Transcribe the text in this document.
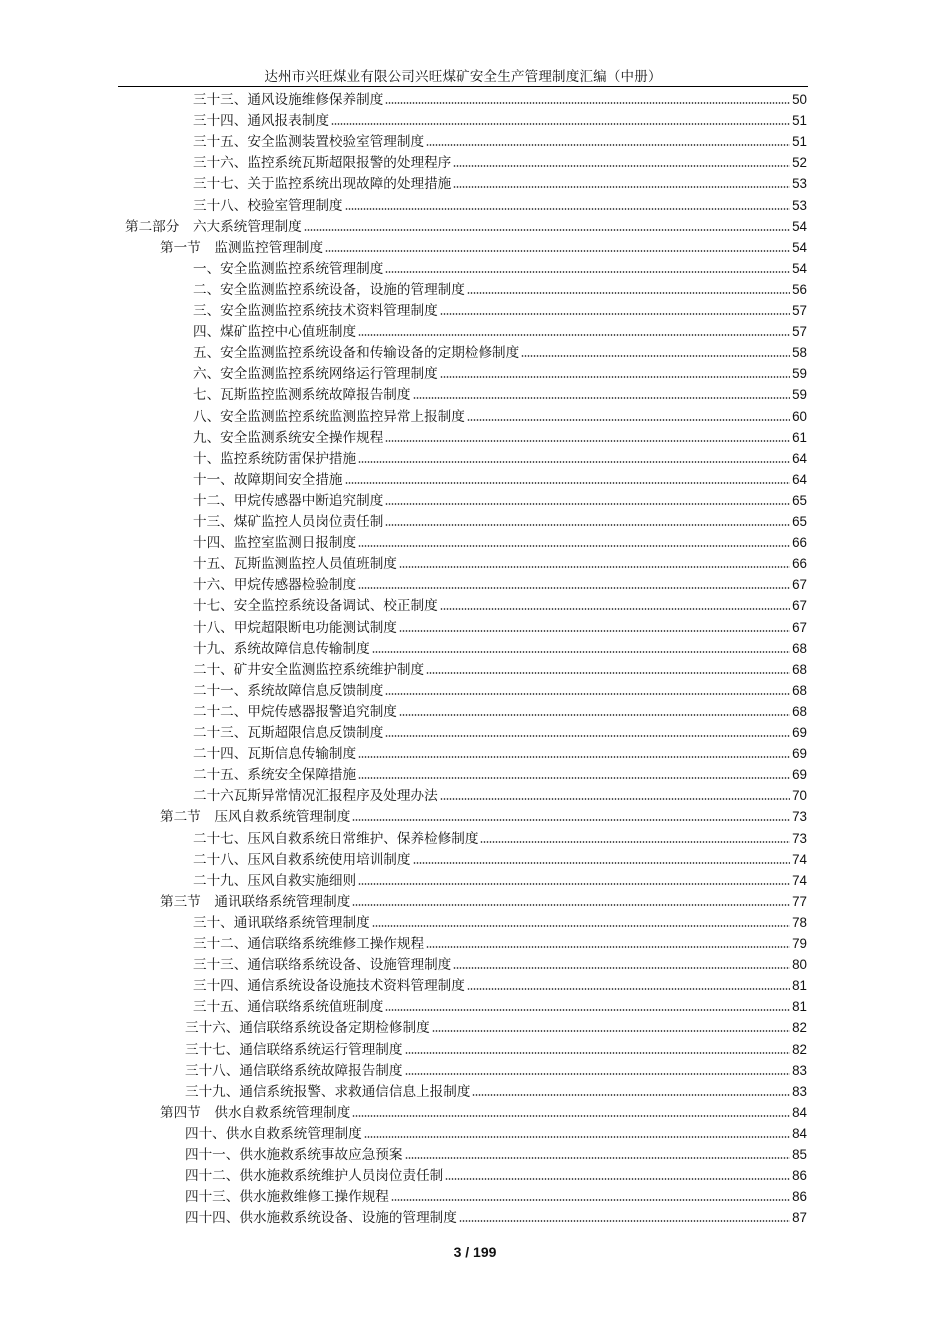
达州市兴旺煤业有限公司兴旺煤矿安全生产管理制度汇编（中册）
三十三、通风设施维修保养制度	50
三十四、通风报表制度	51
三十五、安全监测装置校验室管理制度	51
三十六、监控系统瓦斯超限报警的处理程序	52
三十七、关于监控系统出现故障的处理措施	53
三十八、校验室管理制度	53
第二部分　六大系统管理制度	54
第一节　监测监控管理制度	54
一、安全监测监控系统管理制度	54
二、安全监测监控系统设备，设施的管理制度	56
三、安全监测监控系统技术资料管理制度	57
四、煤矿监控中心值班制度	57
五、安全监测监控系统设备和传输设备的定期检修制度	58
六、安全监测监控系统网络运行管理制度	59
七、瓦斯监控监测系统故障报告制度	59
八、安全监测监控系统监测监控异常上报制度	60
九、安全监测系统安全操作规程	61
十、监控系统防雷保护措施	64
十一、故障期间安全措施	64
十二、甲烷传感器中断追究制度	65
十三、煤矿监控人员岗位责任制	65
十四、监控室监测日报制度	66
十五、瓦斯监测监控人员值班制度	66
十六、甲烷传感器检验制度	67
十七、安全监控系统设备调试、校正制度	67
十八、甲烷超限断电功能测试制度	67
十九、系统故障信息传输制度	68
二十、矿井安全监测监控系统维护制度	68
二十一、系统故障信息反馈制度	68
二十二、甲烷传感器报警追究制度	68
二十三、瓦斯超限信息反馈制度	69
二十四、瓦斯信息传输制度	69
二十五、系统安全保障措施	69
二十六瓦斯异常情况汇报程序及处理办法	70
第二节　压风自救系统管理制度	73
二十七、压风自救系统日常维护、保养检修制度	73
二十八、压风自救系统使用培训制度	74
二十九、压风自救实施细则	74
第三节　通讯联络系统管理制度	77
三十、通讯联络系统管理制度	78
三十二、通信联络系统维修工操作规程	79
三十三、通信联络系统设备、设施管理制度	80
三十四、通信系统设备设施技术资料管理制度	81
三十五、通信联络系统值班制度	81
三十六、通信联络系统设备定期检修制度	82
三十七、通信联络系统运行管理制度	82
三十八、通信联络系统故障报告制度	83
三十九、通信系统报警、求救通信信息上报制度	83
第四节　供水自救系统管理制度	84
四十、供水自救系统管理制度	84
四十一、供水施救系统事故应急预案	85
四十二、供水施救系统维护人员岗位责任制	86
四十三、供水施救维修工操作规程	86
四十四、供水施救系统设备、设施的管理制度	87
3 / 199
